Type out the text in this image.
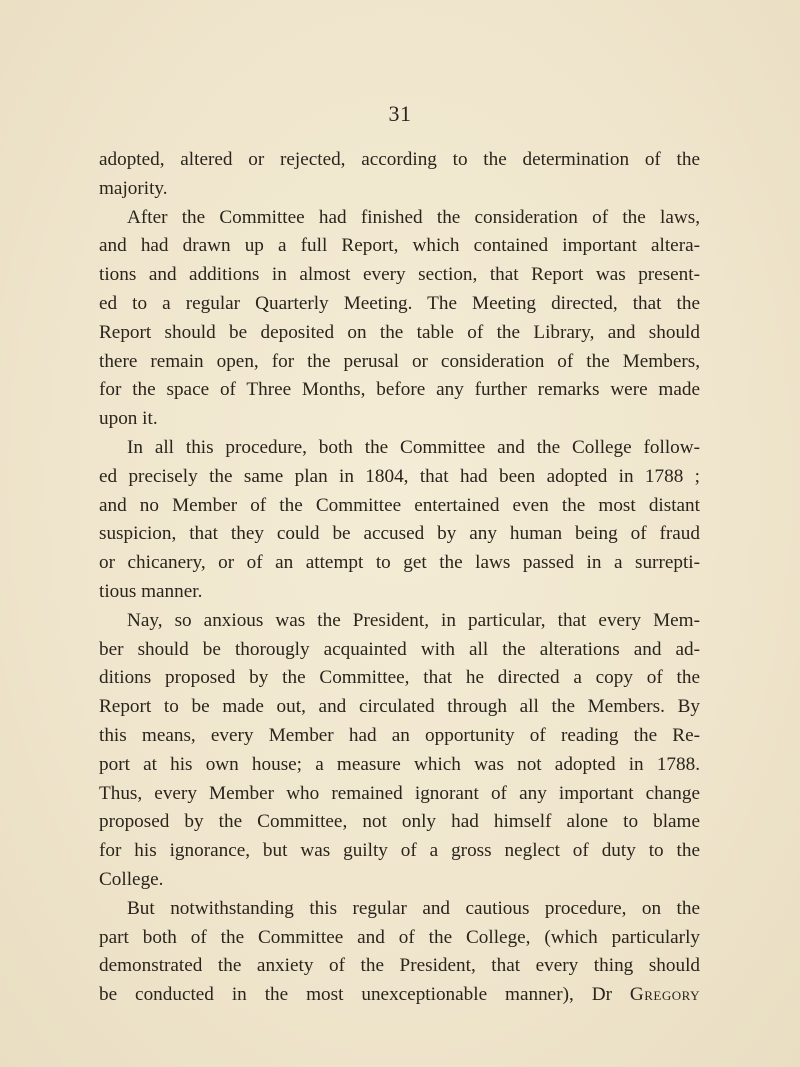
31
adopted, altered or rejected, according to the determination of the
majority.
After the Committee had finished the consideration of the laws,
and had drawn up a full Report, which contained important altera-
tions and additions in almost every section, that Report was present-
ed to a regular Quarterly Meeting. The Meeting directed, that the
Report should be deposited on the table of the Library, and should
there remain open, for the perusal or consideration of the Members,
for the space of Three Months, before any further remarks were made
upon it.
In all this procedure, both the Committee and the College follow-
ed precisely the same plan in 1804, that had been adopted in 1788 ;
and no Member of the Committee entertained even the most distant
suspicion, that they could be accused by any human being of fraud
or chicanery, or of an attempt to get the laws passed in a surrepti-
tious manner.
Nay, so anxious was the President, in particular, that every Mem-
ber should be thorougly acquainted with all the alterations and ad-
ditions proposed by the Committee, that he directed a copy of the
Report to be made out, and circulated through all the Members. By
this means, every Member had an opportunity of reading the Re-
port at his own house; a measure which was not adopted in 1788.
Thus, every Member who remained ignorant of any important change
proposed by the Committee, not only had himself alone to blame
for his ignorance, but was guilty of a gross neglect of duty to the
College.
But notwithstanding this regular and cautious procedure, on the
part both of the Committee and of the College, (which particularly
demonstrated the anxiety of the President, that every thing should
be conducted in the most unexceptionable manner), Dr Gregory
